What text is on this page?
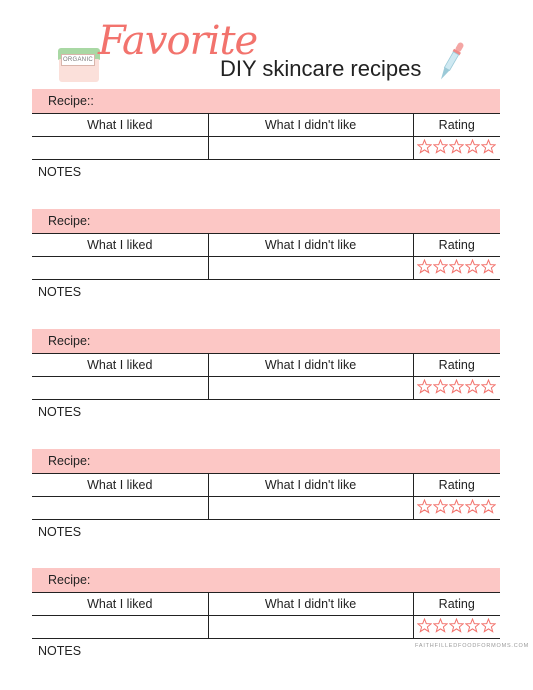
ORGANIC Favorite
DIY skincare recipes
Recipe::
What I liked	What I didn't like	Rating

NOTES
Recipe:
What I liked	What I didn't like	Rating

NOTES
Recipe:
What I liked	What I didn't like	Rating

NOTES
Recipe:
What I liked	What I didn't like	Rating

NOTES
Recipe:
What I liked	What I didn't like	Rating

NOTES	FAITHFILLEDFOODFORMOMS.COM
